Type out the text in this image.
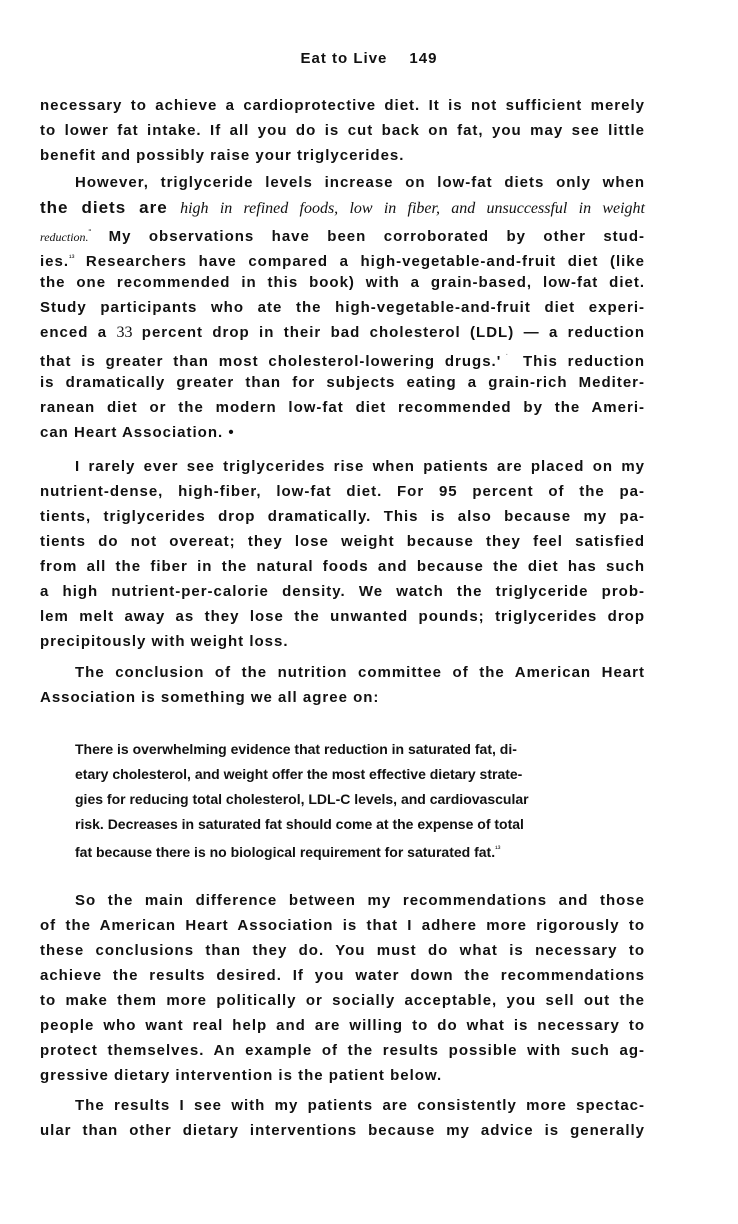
Eat to Live 149
necessary to achieve a cardioprotective diet. It is not sufficient merely
to lower fat intake. If all you do is cut back on fat, you may see little
benefit and possibly raise your triglycerides.
However, triglyceride levels increase on low-fat diets only when
the diets are high in refined foods, low in fiber, and unsuccessful in weight
reduction.“ My observations have been corroborated by other stud-
ies.$^{^{13}}$ Researchers have compared a high-vegetable-and-fruit diet (like
the one recommended in this book) with a grain-based, low-fat diet.
Study participants who ate the high-vegetable-and-fruit diet experi-
enced a 33 percent drop in their bad cholesterol (LDL) — a reduction
that is greater than most cholesterol-lowering drugs.'˙ This reduction
is dramatically greater than for subjects eating a grain-rich Mediter-
ranean diet or the modern low-fat diet recommended by the Ameri-
can Heart Association. •
I rarely ever see triglycerides rise when patients are placed on my
nutrient-dense, high-fiber, low-fat diet. For 95 percent of the pa-
tients, triglycerides drop dramatically. This is also because my pa-
tients do not overeat; they lose weight because they feel satisfied
from all the fiber in the natural foods and because the diet has such
a high nutrient-per-calorie density. We watch the triglyceride prob-
lem melt away as they lose the unwanted pounds; triglycerides drop
precipitously with weight loss.
The conclusion of the nutrition committee of the American Heart
Association is something we all agree on:
There is overwhelming evidence that reduction in saturated fat, di-
etary cholesterol, and weight offer the most effective dietary strate-
gies for reducing total cholesterol, LDL-C levels, and cardiovascular
risk. Decreases in saturated fat should come at the expense of total
fat because there is no biological requirement for saturated fat.$^{^{13}}$
So the main difference between my recommendations and those
of the American Heart Association is that I adhere more rigorously to
these conclusions than they do. You must do what is necessary to
achieve the results desired. If you water down the recommendations
to make them more politically or socially acceptable, you sell out the
people who want real help and are willing to do what is necessary to
protect themselves. An example of the results possible with such ag-
gressive dietary intervention is the patient below.
The results I see with my patients are consistently more spectac-
ular than other dietary interventions because my advice is generally
